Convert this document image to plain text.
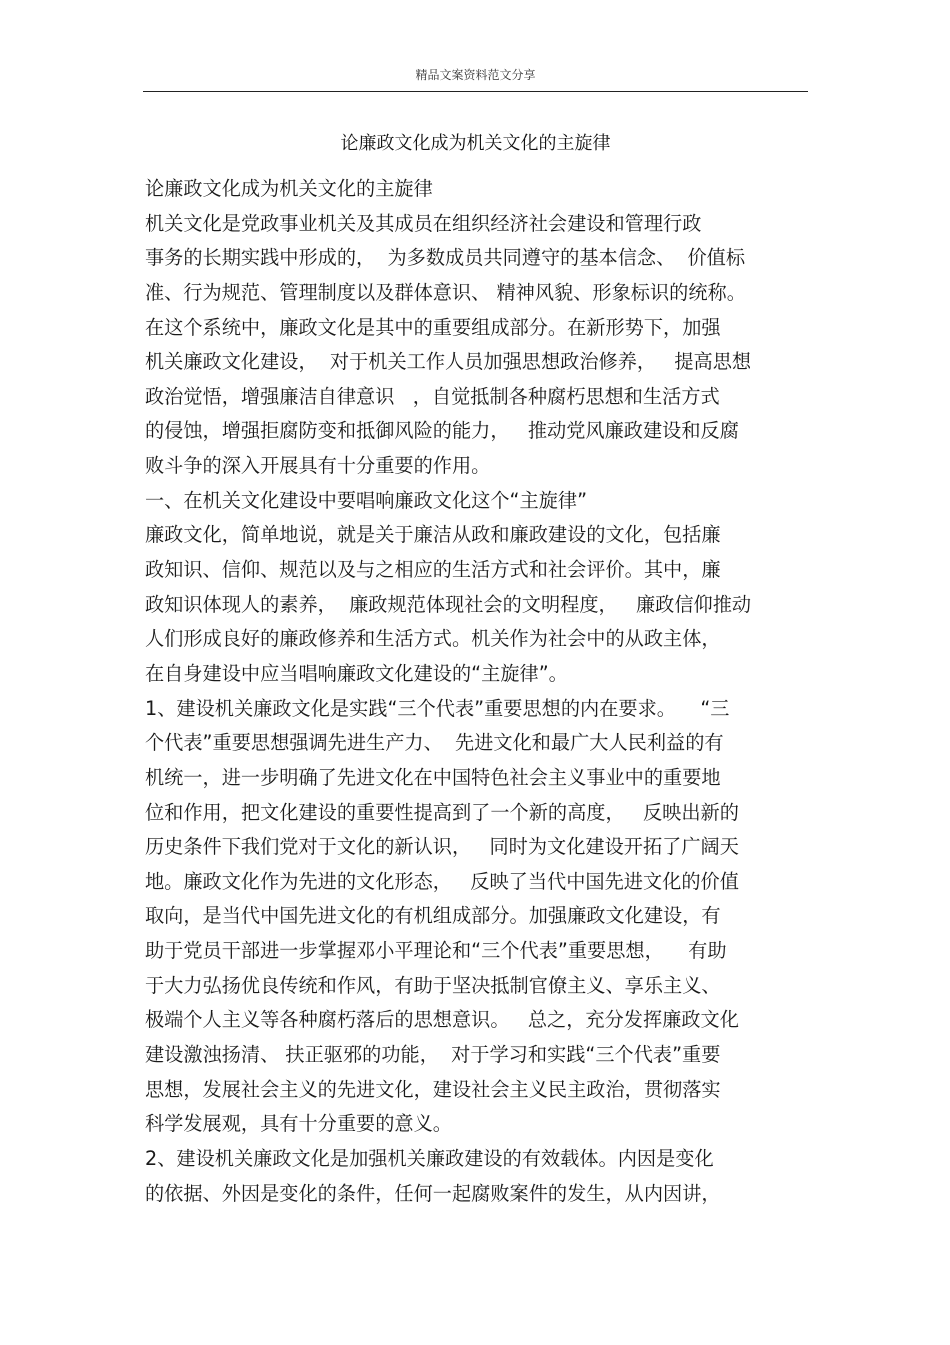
精品文案资料范文分享
论廉政文化成为机关文化的主旋律
论廉政文化成为机关文化的主旋律
机关文化是党政事业机关及其成员在组织经济社会建设和管理行政
事务的长期实践中形成的，  为多数成员共同遵守的基本信念、  价值标
准、行为规范、管理制度以及群体意识、 精神风貌、形象标识的统称。
在这个系统中，廉政文化是其中的重要组成部分。在新形势下，加强
机关廉政文化建设，  对于机关工作人员加强思想政治修养，   提高思想
政治觉悟，增强廉洁自律意识   ，自觉抵制各种腐朽思想和生活方式
的侵蚀，增强拒腐防变和抵御风险的能力，   推动党风廉政建设和反腐
败斗争的深入开展具有十分重要的作用。
一、在机关文化建设中要唱响廉政文化这个“主旋律”
廉政文化，简单地说，就是关于廉洁从政和廉政建设的文化，包括廉
政知识、信仰、规范以及与之相应的生活方式和社会评价。其中，廉
政知识体现人的素养，  廉政规范体现社会的文明程度，   廉政信仰推动
人们形成良好的廉政修养和生活方式。机关作为社会中的从政主体，
在自身建设中应当唱响廉政文化建设的“主旋律”。
1、建设机关廉政文化是实践“三个代表”重要思想的内在要求。    “三
个代表”重要思想强调先进生产力、  先进文化和最广大人民利益的有
机统一，进一步明确了先进文化在中国特色社会主义事业中的重要地
位和作用，把文化建设的重要性提高到了一个新的高度，   反映出新的
历史条件下我们党对于文化的新认识，   同时为文化建设开拓了广阔天
地。廉政文化作为先进的文化形态，   反映了当代中国先进文化的价值
取向，是当代中国先进文化的有机组成部分。加强廉政文化建设，有
助于党员干部进一步掌握邓小平理论和“三个代表”重要思想，    有助
于大力弘扬优良传统和作风，有助于坚决抵制官僚主义、享乐主义、
极端个人主义等各种腐朽落后的思想意识。   总之，充分发挥廉政文化
建设激浊扬清、 扶正驱邪的功能，  对于学习和实践“三个代表”重要
思想，发展社会主义的先进文化，建设社会主义民主政治，贯彻落实
科学发展观，具有十分重要的意义。
2、建设机关廉政文化是加强机关廉政建设的有效载体。内因是变化
的依据、外因是变化的条件，任何一起腐败案件的发生，从内因讲，
